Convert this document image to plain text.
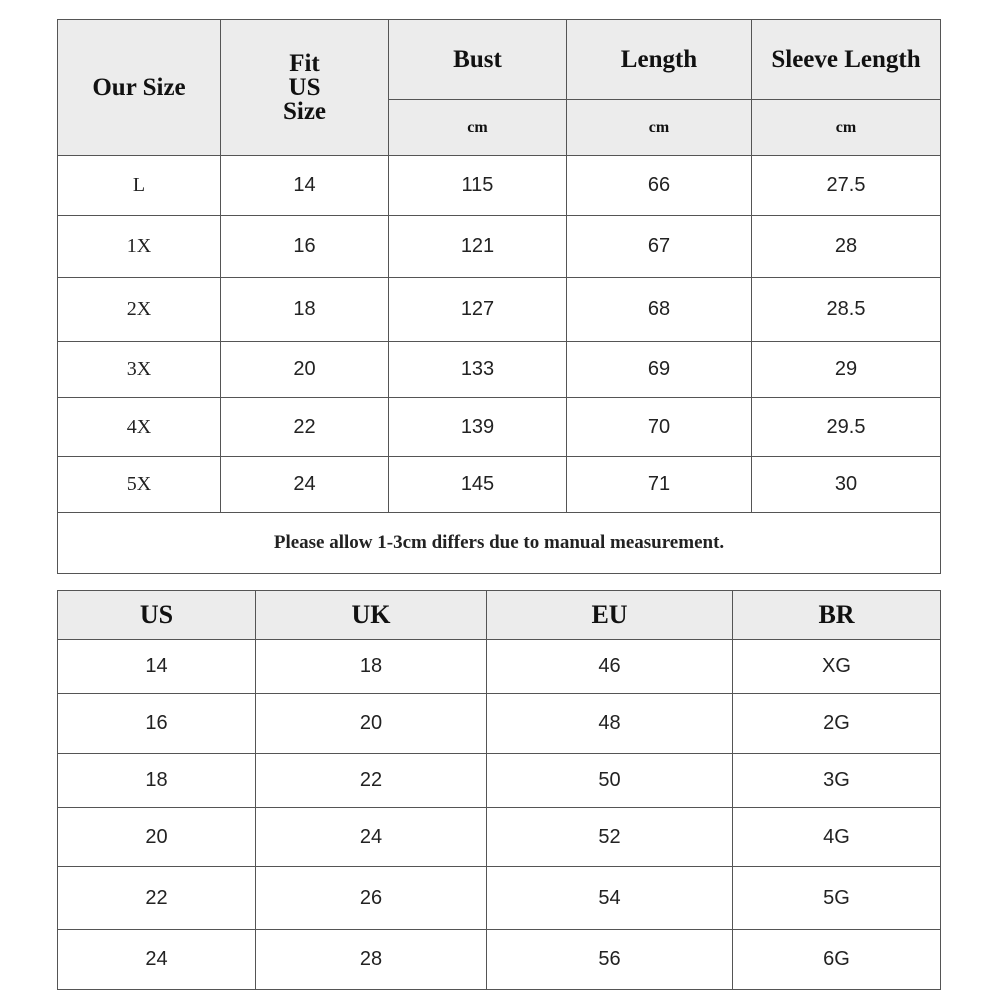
Our Size	Fit US Size	Bust	Length	Sleeve Length
		cm	cm	cm
L	14	115	66	27.5
1X	16	121	67	28
2X	18	127	68	28.5
3X	20	133	69	29
4X	22	139	70	29.5
5X	24	145	71	30
Please allow 1-3cm differs due to manual measurement.				
US	UK	EU	BR
14	18	46	XG
16	20	48	2G
18	22	50	3G
20	24	52	4G
22	26	54	5G
24	28	56	6G
